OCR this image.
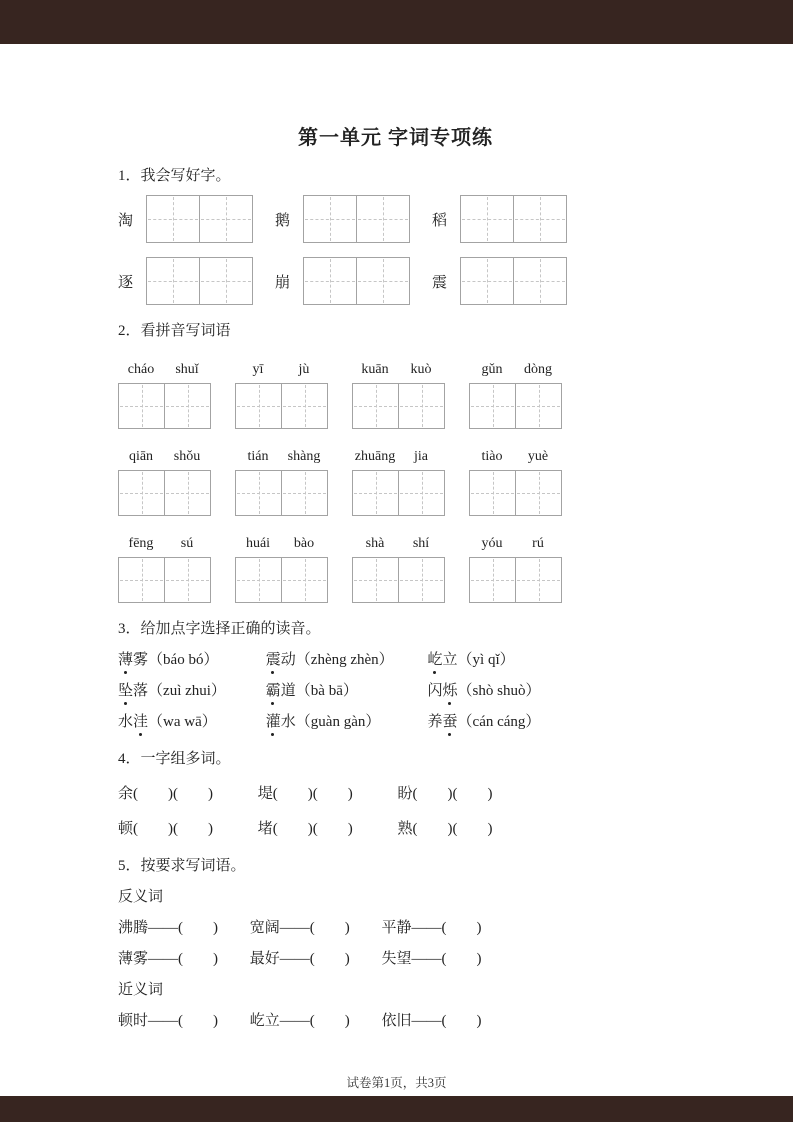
第一单元 字词专项练
1．我会写好字。
淘	鹅	稻
逐	崩	震
2．看拼音写词语
cháo	shuǐ	yī	jù	kuān	kuò	gǔn	dòng
qiān	shǒu	tián	shàng	zhuāng	jia	tiào	yuè
fēng	sú	huái	bào	shà	shí	yóu	rú
3．给加点字选择正确的读音。
薄雾（báo bó）	震动（zhèng zhèn） 屹立（yì qǐ）
坠落（zuì zhui）	霸道（bà bā）	闪烁（shò shuò）
水洼（wa wā）	灌水（guàn gàn）	养蚕（cán cáng）
4．一字组多词。
余(　　)(　　)	堤(　　)(　　)	盼(　　)(　　)
顿(　　)(　　)	堵(　　)(　　)	熟(　　)(　　)
5．按要求写词语。
反义词
沸腾——(　　) 宽阔——(　　) 平静——(　　)
薄雾——(　　) 最好——(　　) 失望——(　　)
近义词
顿时——(　　) 屹立——(　　) 依旧——(　　)
试卷第1页，共3页
